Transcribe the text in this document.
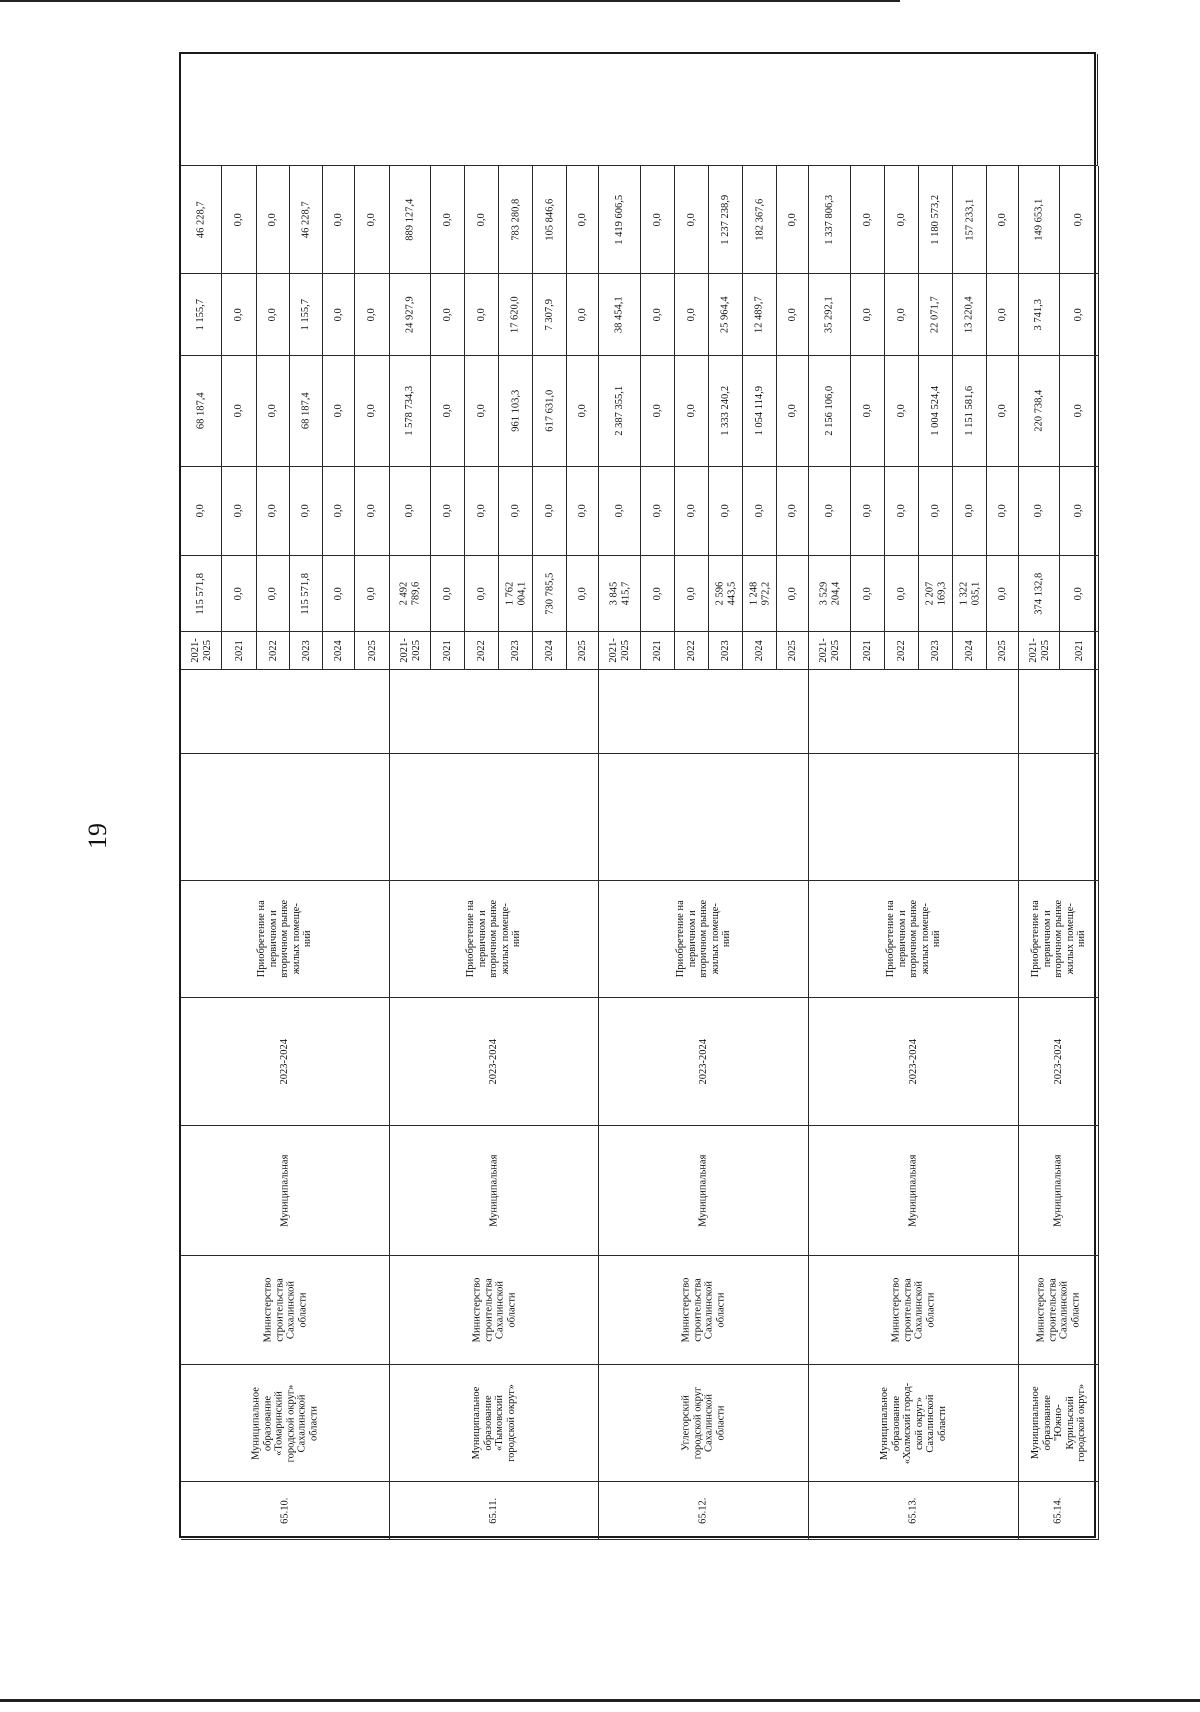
19
65.10.
Муниципальное
образование
«Томаринский
городской округ»
Сахалинской
области
Министерство
строительства
Сахалинской
области
Муниципальная
2023-2024
Приобретение на
первичном и
вторичном рынке
жилых помеще-
ний
2021-
2025
115 571,8
0,0
68 187,4
1 155,7
46 228,7
2021
0,0
0,0
0,0
0,0
0,0
2022
0,0
0,0
0,0
0,0
0,0
2023
115 571,8
0,0
68 187,4
1 155,7
46 228,7
2024
0,0
0,0
0,0
0,0
0,0
2025
0,0
0,0
0,0
0,0
0,0
65.11.
Муниципальное
образование
«Тымовский
городской округ»
Министерство
строительства
Сахалинской
области
Муниципальная
2023-2024
Приобретение на
первичном и
вторичном рынке
жилых помеще-
ний
2021-
2025
2 492
789,6
0,0
1 578 734,3
24 927,9
889 127,4
2021
0,0
0,0
0,0
0,0
0,0
2022
0,0
0,0
0,0
0,0
0,0
2023
1 762
004,1
0,0
961 103,3
17 620,0
783 280,8
2024
730 785,5
0,0
617 631,0
7 307,9
105 846,6
2025
0,0
0,0
0,0
0,0
0,0
65.12.
Углегорский
городской округ
Сахалинской
области
Министерство
строительства
Сахалинской
области
Муниципальная
2023-2024
Приобретение на
первичном и
вторичном рынке
жилых помеще-
ний
2021-
2025
3 845
415,7
0,0
2 387 355,1
38 454,1
1 419 606,5
2021
0,0
0,0
0,0
0,0
0,0
2022
0,0
0,0
0,0
0,0
0,0
2023
2 596
443,5
0,0
1 333 240,2
25 964,4
1 237 238,9
2024
1 248
972,2
0,0
1 054 114,9
12 489,7
182 367,6
2025
0,0
0,0
0,0
0,0
0,0
65.13.
Муниципальное
образование
«Холмский город-
ской округ»
Сахалинской
области
Министерство
строительства
Сахалинской
области
Муниципальная
2023-2024
Приобретение на
первичном и
вторичном рынке
жилых помеще-
ний
2021-
2025
3 529
204,4
0,0
2 156 106,0
35 292,1
1 337 806,3
2021
0,0
0,0
0,0
0,0
0,0
2022
0,0
0,0
0,0
0,0
0,0
2023
2 207
169,3
0,0
1 004 524,4
22 071,7
1 180 573,2
2024
1 322
035,1
0,0
1 151 581,6
13 220,4
157 233,1
2025
0,0
0,0
0,0
0,0
0,0
65.14.
Муниципальное
образование
"Южно-
Курильский
городской округ»
Министерство
строительства
Сахалинской
области
Муниципальная
2023-2024
Приобретение на
первичном и
вторичном рынке
жилых помеще-
ний
2021-
2025
374 132,8
0,0
220 738,4
3 741,3
149 653,1
2021
0,0
0,0
0,0
0,0
0,0
